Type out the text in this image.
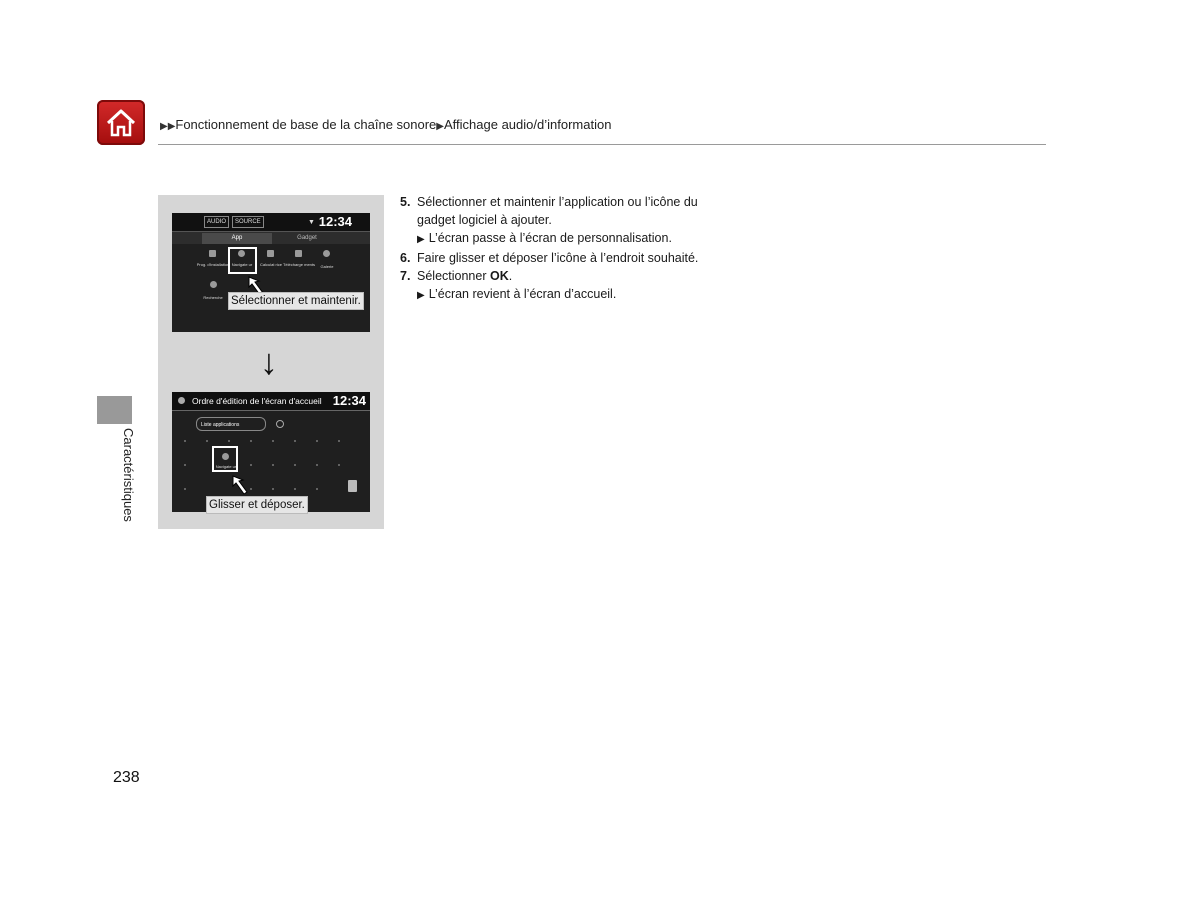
▶▶Fonctionnement de base de la chaîne sonore▶Affichage audio/d’information
Caractéristiques
AUDIO	SOURCE	▼ 12:34
App	Gadget
Prog. d'installation Navigate ur	Calculat rice Télécharge ments	Galerie
Recherche Sélectionner et maintenir.
↓
Ordre d'édition de l'écran d'accueil 12:34
Liste applications
Navigate ur
Glisser et déposer.
5. Sélectionner et maintenir l’application ou l’icône du gadget logiciel à ajouter.
▶ L’écran passe à l’écran de personnalisation.
6. Faire glisser et déposer l’icône à l’endroit souhaité.
7. Sélectionner OK.
▶ L’écran revient à l’écran d’accueil.
238
